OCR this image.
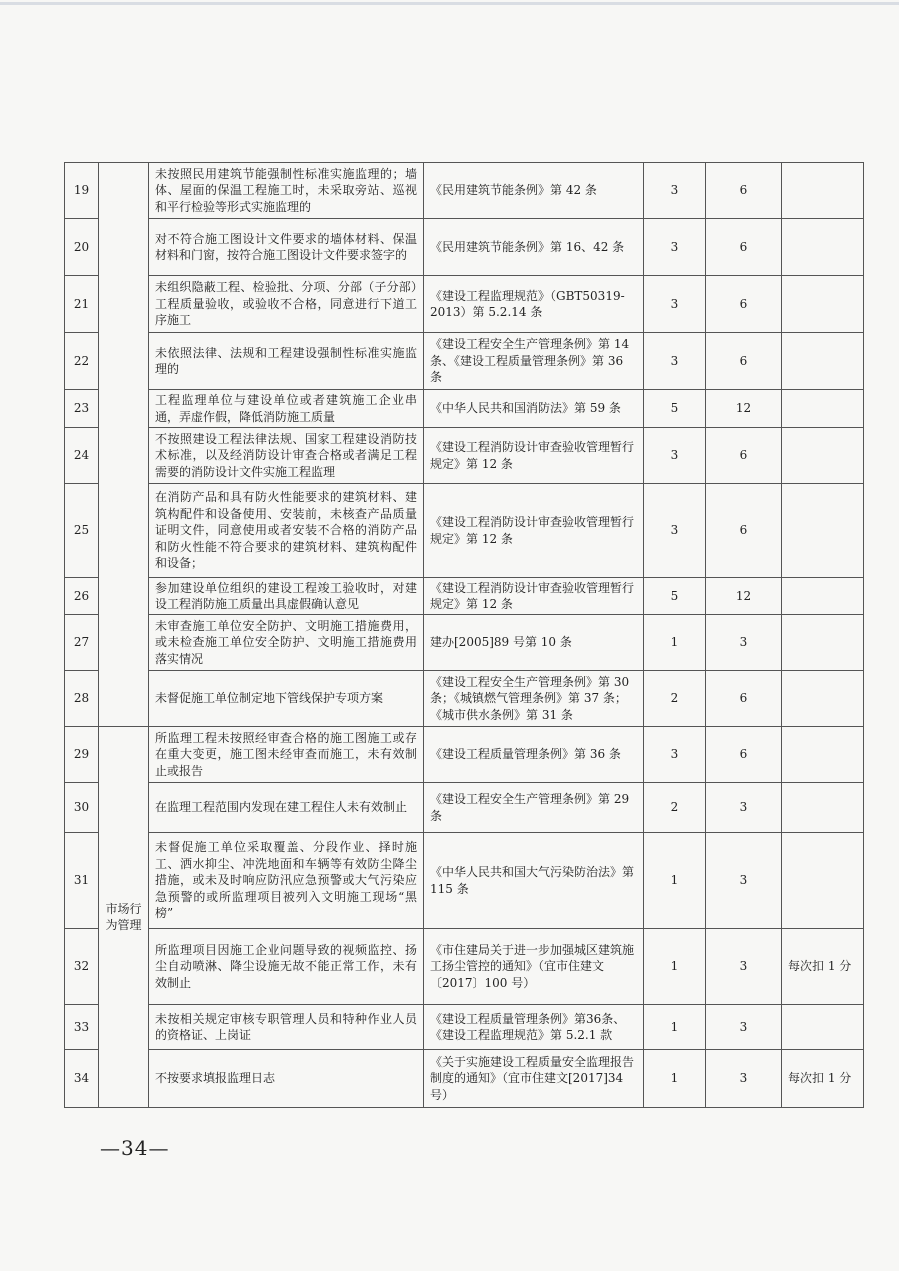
19		未按照民用建筑节能强制性标准实施监理的；墙体、屋面的保温工程施工时，未采取旁站、巡视和平行检验等形式实施监理的	《民用建筑节能条例》第 42 条	3	6	
20		对不符合施工图设计文件要求的墙体材料、保温材料和门窗，按符合施工图设计文件要求签字的	《民用建筑节能条例》第 16、42 条	3	6	
21		未组织隐蔽工程、检验批、分项、分部（子分部）工程质量验收，或验收不合格，同意进行下道工序施工	《建设工程监理规范》（GBT50319-2013）第 5.2.14 条	3	6	
22		未依照法律、法规和工程建设强制性标准实施监理的	《建设工程安全生产管理条例》第 14 条、《建设工程质量管理条例》第 36 条	3	6	
23		工程监理单位与建设单位或者建筑施工企业串通，弄虚作假，降低消防施工质量	《中华人民共和国消防法》第 59 条	5	12	
24		不按照建设工程法律法规、国家工程建设消防技术标准，以及经消防设计审查合格或者满足工程需要的消防设计文件实施工程监理	《建设工程消防设计审查验收管理暂行规定》第 12 条	3	6	
25		在消防产品和具有防火性能要求的建筑材料、建筑构配件和设备使用、安装前，未核查产品质量证明文件，同意使用或者安装不合格的消防产品和防火性能不符合要求的建筑材料、建筑构配件和设备；	《建设工程消防设计审查验收管理暂行规定》第 12 条	3	6	
26		参加建设单位组织的建设工程竣工验收时，对建设工程消防施工质量出具虚假确认意见	《建设工程消防设计审查验收管理暂行规定》第 12 条	5	12	
27		未审查施工单位安全防护、文明施工措施费用，或未检查施工单位安全防护、文明施工措施费用落实情况	建办[2005]89 号第 10 条	1	3	
28		未督促施工单位制定地下管线保护专项方案	《建设工程安全生产管理条例》第 30 条；《城镇燃气管理条例》第 37 条；《城市供水条例》第 31 条	2	6	
29	市场行为管理	所监理工程未按照经审查合格的施工图施工或存在重大变更，施工图未经审查而施工，未有效制止或报告	《建设工程质量管理条例》第 36 条	3	6	
30		在监理工程范围内发现在建工程住人未有效制止	《建设工程安全生产管理条例》第 29 条	2	3	
31		未督促施工单位采取覆盖、分段作业、择时施工、洒水抑尘、冲洗地面和车辆等有效防尘降尘措施，或未及时响应防汛应急预警或大气污染应急预警的或所监理项目被列入文明施工现场“黑榜”	《中华人民共和国大气污染防治法》第 115 条	1	3	
32		所监理项目因施工企业问题导致的视频监控、扬尘自动喷淋、降尘设施无故不能正常工作，未有效制止	《市住建局关于进一步加强城区建筑施工扬尘管控的通知》（宜市住建文〔2017〕100 号）	1	3	每次扣 1 分
33		未按相关规定审核专职管理人员和特种作业人员的资格证、上岗证	《建设工程质量管理条例》第36条、《建设工程监理规范》第 5.2.1 款	1	3	
34		不按要求填报监理日志	《关于实施建设工程质量安全监理报告制度的通知》（宜市住建文[2017]34 号）	1	3	每次扣 1 分
—34—
